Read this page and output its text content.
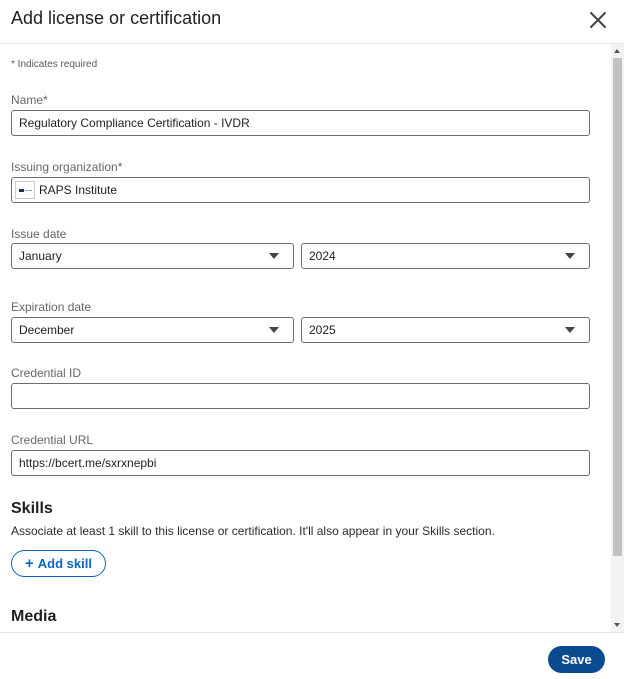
Add license or certification
* Indicates required
Name*
Regulatory Compliance Certification - IVDR
Issuing organization*
RAPS Institute
Issue date
January	2024
Expiration date
December	2025
Credential ID
Credential URL
https://bcert.me/sxrxnepbi
Skills
Associate at least 1 skill to this license or certification. It'll also appear in your Skills section.
+ Add skill
Media
Save
